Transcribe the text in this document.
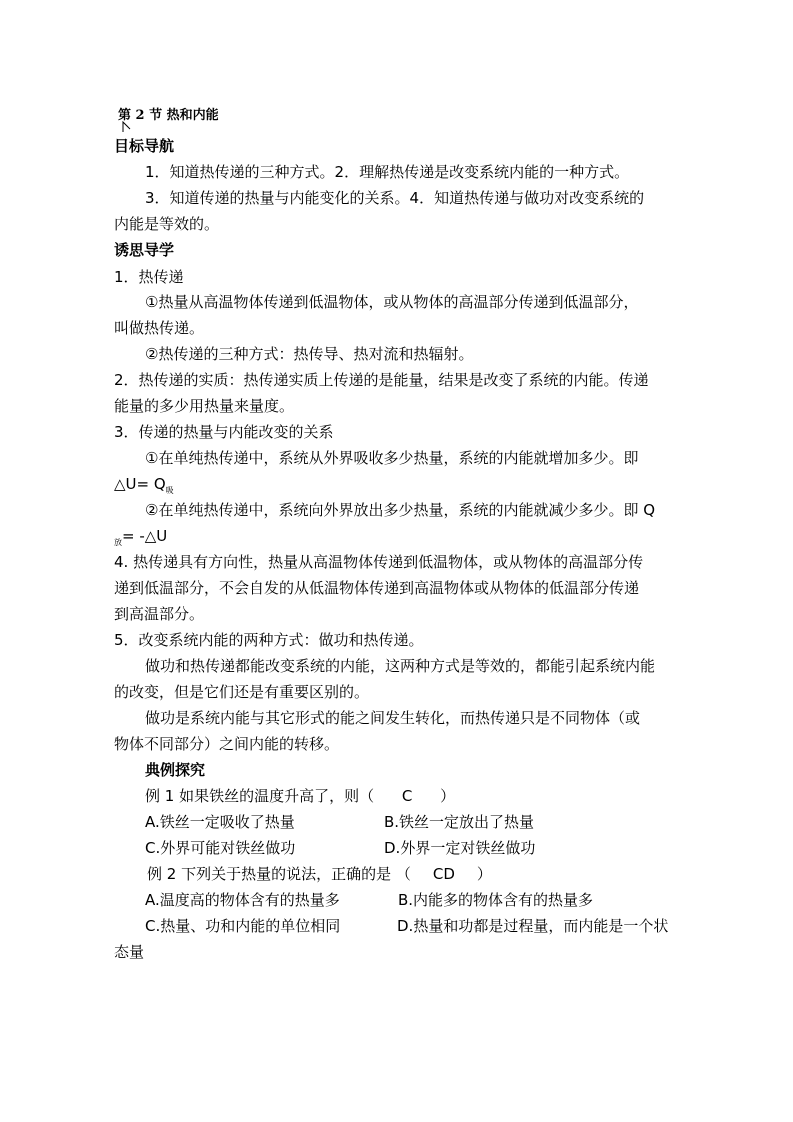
第 2 节 热和内能
目标导航
1．知道热传递的三种方式。2．理解热传递是改变系统内能的一种方式。
3．知道传递的热量与内能变化的关系。4．知道热传递与做功对改变系统的
内能是等效的。
诱思导学
1．热传递
①热量从高温物体传递到低温物体，或从物体的高温部分传递到低温部分，
叫做热传递。
②热传递的三种方式：热传导、热对流和热辐射。
2．热传递的实质：热传递实质上传递的是能量，结果是改变了系统的内能。传递
能量的多少用热量来量度。
3．传递的热量与内能改变的关系
①在单纯热传递中，系统从外界吸收多少热量，系统的内能就增加多少。即
△U= $Q_吸$
②在单纯热传递中，系统向外界放出多少热量，系统的内能就减少多少。即 Q
$_放$= -△U
4. 热传递具有方向性，热量从高温物体传递到低温物体，或从物体的高温部分传
递到低温部分，不会自发的从低温物体传递到高温物体或从物体的低温部分传递
到高温部分。
5．改变系统内能的两种方式：做功和热传递。
做功和热传递都能改变系统的内能，这两种方式是等效的，都能引起系统内能
的改变，但是它们还是有重要区别的。
做功是系统内能与其它形式的能之间发生转化，而热传递只是不同物体（或
物体不同部分）之间内能的转移。
典例探究
例 1 如果铁丝的温度升高了，则（ C ）
A.铁丝一定吸收了热量	B.铁丝一定放出了热量
C.外界可能对铁丝做功	D.外界一定对铁丝做功
例 2 下列关于热量的说法，正确的是 （ CD ）
A.温度高的物体含有的热量多	B.内能多的物体含有的热量多
C.热量、功和内能的单位相同	D.热量和功都是过程量，而内能是一个状
态量
